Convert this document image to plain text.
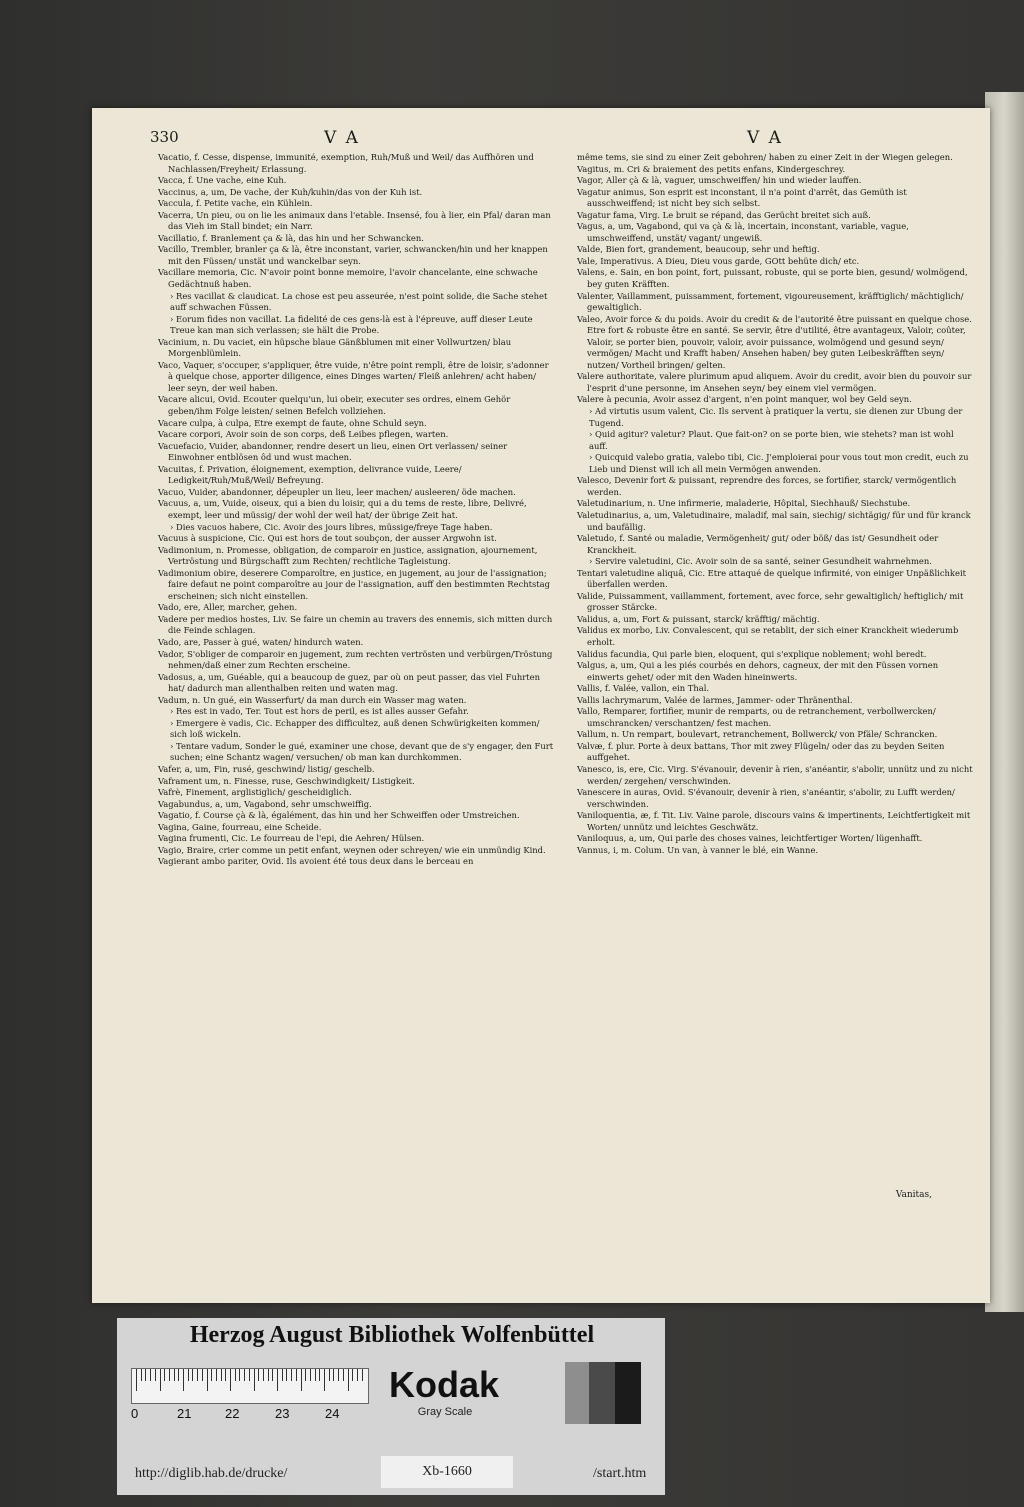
330	V A	V A

Vacatio, f. Cesse, dispense, immunité, exemption, Ruh/Muß und Weil/ das Auffhören und Nachlassen/Freyheit/ Erlassung.

Vacca, f. Une vache, eine Kuh.

Vaccinus, a, um, De vache, der Kuh/kuhin/das von der Kuh ist.

Vaccula, f. Petite vache, ein Kühlein.

Vacerra, Un pieu, ou on lie les animaux dans l'etable. Insensé, fou à lier, ein Pfal/ daran man das Vieh im Stall bindet; ein Narr.

Vacillatio, f. Branlement ça & là, das hin und her Schwancken.

Vacillo, Trembler, branler ça & là, être inconstant, varier, schwancken/hin und her knappen mit den Füssen/ unstät und wanckelbar seyn.

Vacillare memoria, Cic. N'avoir point bonne memoire, l'avoir chancelante, eine schwache Gedächtnuß haben.

› Res vacillat & claudicat. La chose est peu asseurée, n'est point solide, die Sache stehet auff schwachen Füssen.

› Eorum fides non vacillat. La fidelité de ces gens-là est à l'épreuve, auff dieser Leute Treue kan man sich verlassen; sie hält die Probe.

Vacinium, n. Du vaciet, ein hüpsche blaue Gänßblumen mit einer Vollwurtzen/ blau Morgenblümlein.

Vaco, Vaquer, s'occuper, s'appliquer, être vuide, n'être point rempli, être de loisir, s'adonner à quelque chose, apporter diligence, eines Dinges warten/ Fleiß anlehren/ acht haben/ leer seyn, der weil haben.

Vacare alicui, Ovid. Ecouter quelqu'un, lui obeir, executer ses ordres, einem Gehör geben/ihm Folge leisten/ seinen Befelch vollziehen.

Vacare culpa, à culpa, Etre exempt de faute, ohne Schuld seyn.

Vacare corpori, Avoir soin de son corps, deß Leibes pflegen, warten.

Vacuefacio, Vuider, abandonner, rendre desert un lieu, einen Ort verlassen/ seiner Einwohner entblösen ôd und wust machen.

Vacuitas, f. Privation, éloignement, exemption, delivrance vuide, Leere/ Ledigkeit/Ruh/Muß/Weil/ Befreyung.

Vacuo, Vuider, abandonner, dépeupler un lieu, leer machen/ ausleeren/ öde machen.

Vacuus, a, um, Vuide, oiseux, qui a bien du loisir, qui a du tems de reste, libre, Delivré, exempt, leer und müssig/ der wohl der weil hat/ der übrige Zeit hat.

› Dies vacuos habere, Cic. Avoir des jours libres, müssige/freye Tage haben.

Vacuus à suspicione, Cic. Qui est hors de tout soubçon, der ausser Argwohn ist.

Vadimonium, n. Promesse, obligation, de comparoir en justice, assignation, ajournement, Vertröstung und Bürgschafft zum Rechten/ rechtliche Tagleistung.

Vadimonium obire, deserere Comparoître, en justice, en jugement, au jour de l'assignation; faire defaut ne point comparoître au jour de l'assignation, auff den bestimmten Rechtstag erscheinen; sich nicht einstellen.

Vado, ere, Aller, marcher, gehen.

Vadere per medios hostes, Liv. Se faire un chemin au travers des ennemis, sich mitten durch die Feinde schlagen.

Vado, are, Passer à gué, waten/ hindurch waten.

Vador, S'obliger de comparoir en jugement, zum rechten vertrösten und verbürgen/Tröstung nehmen/daß einer zum Rechten erscheine.

Vadosus, a, um, Guéable, qui a beaucoup de guez, par où on peut passer, das viel Fuhrten hat/ dadurch man allenthalben reiten und waten mag.

Vadum, n. Un gué, ein Wasserfurt/ da man durch ein Wasser mag waten.

› Res est in vado, Ter. Tout est hors de peril, es ist alles ausser Gefahr.

› Emergere è vadis, Cic. Echapper des difficultez, auß denen Schwürigkeiten kommen/ sich loß wickeln.

› Tentare vadum, Sonder le gué, examiner une chose, devant que de s'y engager, den Furt suchen; eine Schantz wagen/ versuchen/ ob man kan durchkommen.

Vafer, a, um, Fin, rusé, geschwind/ listig/ geschelb.

Vaframent um, n. Finesse, ruse, Geschwindigkeit/ Listigkeit.

Vafrè, Finement, arglistiglich/ gescheidiglich.

Vagabundus, a, um, Vagabond, sehr umschweiffig.

Vagatio, f. Course çà & là, égalément, das hin und her Schweiffen oder Umstreichen.

Vagina, Gaine, fourreau, eine Scheide.

Vagina frumenti, Cic. Le fourreau de l'epi, die Aehren/ Hülsen.

Vagio, Braire, crier comme un petit enfant, weynen oder schreyen/ wie ein unmündig Kind.

Vagierant ambo pariter, Ovid. Ils avoient été tous deux dans le berceau en

même tems, sie sind zu einer Zeit gebohren/ haben zu einer Zeit in der Wiegen gelegen.

Vagitus, m. Cri & braiement des petits enfans, Kindergeschrey.

Vagor, Aller çà & là, vaguer, umschweiffen/ hin und wieder lauffen.

Vagatur animus, Son esprit est inconstant, il n'a point d'arrêt, das Gemüth ist ausschweiffend; ist nicht bey sich selbst.

Vagatur fama, Virg. Le bruit se répand, das Gerücht breitet sich auß.

Vagus, a, um, Vagabond, qui va çà & là, incertain, inconstant, variable, vague, umschweiffend, unstät/ vagant/ ungewiß.

Valde, Bien fort, grandement, beaucoup, sehr und heftig.

Vale, Imperativus. A Dieu, Dieu vous garde, GOtt behüte dich/ etc.

Valens, e. Sain, en bon point, fort, puissant, robuste, qui se porte bien, gesund/ wolmögend, bey guten Kräfften.

Valenter, Vaillamment, puissamment, fortement, vigoureusement, kräfftiglich/ mächtiglich/ gewaltiglich.

Valeo, Avoir force & du poids. Avoir du credit & de l'autorité être puissant en quelque chose. Etre fort & robuste être en santé. Se servir, être d'utilité, être avantageux, Valoir, coûter, Valoir, se porter bien, pouvoir, valoir, avoir puissance, wolmögend und gesund seyn/ vermögen/ Macht und Krafft haben/ Ansehen haben/ bey guten Leibeskräfften seyn/ nutzen/ Vortheil bringen/ gelten.

Valere authoritate, valere plurimum apud aliquem. Avoir du credit, avoir bien du pouvoir sur l'esprit d'une personne, im Ansehen seyn/ bey einem viel vermögen.

Valere à pecunia, Avoir assez d'argent, n'en point manquer, wol bey Geld seyn.

› Ad virtutis usum valent, Cic. Ils servent à pratiquer la vertu, sie dienen zur Ubung der Tugend.

› Quid agitur? valetur? Plaut. Que fait-on? on se porte bien, wie stehets? man ist wohl auff.

› Quicquid valebo gratia, valebo tibi, Cic. J'emploierai pour vous tout mon credit, euch zu Lieb und Dienst will ich all mein Vermögen anwenden.

Valesco, Devenir fort & puissant, reprendre des forces, se fortifier, starck/ vermögentlich werden.

Valetudinarium, n. Une infirmerie, maladerie, Hôpital, Siechhauß/ Siechstube.

Valetudinarius, a, um, Valetudinaire, maladif, mal sain, siechig/ sichtägig/ für und für kranck und baufällig.

Valetudo, f. Santé ou maladie, Vermögenheit/ gut/ oder böß/ das ist/ Gesundheit oder Kranckheit.

› Servire valetudini, Cic. Avoir soin de sa santé, seiner Gesundheit wahrnehmen.

Tentari valetudine aliquâ, Cic. Etre attaqué de quelque infirmité, von einiger Unpäßlichkeit überfallen werden.

Valide, Puissamment, vaillamment, fortement, avec force, sehr gewaltiglich/ heftiglich/ mit grosser Stärcke.

Validus, a, um, Fort & puissant, starck/ kräfftig/ mächtig.

Validus ex morbo, Liv. Convalescent, qui se retablit, der sich einer Kranckheit wiederumb erholt.

Validus facundia, Qui parle bien, eloquent, qui s'explique noblement; wohl beredt.

Valgus, a, um, Qui a les piés courbés en dehors, cagneux, der mit den Füssen vornen einwerts gehet/ oder mit den Waden hineinwerts.

Vallis, f. Valée, vallon, ein Thal.

Vallis lachrymarum, Valée de larmes, Jammer- oder Thränenthal.

Vallo, Remparer, fortifier, munir de remparts, ou de retranchement, verbollwercken/ umschrancken/ verschantzen/ fest machen.

Vallum, n. Un rempart, boulevart, retranchement, Bollwerck/ von Pfäle/ Schrancken.

Valvæ, f. plur. Porte à deux battans, Thor mit zwey Flügeln/ oder das zu beyden Seiten auffgehet.

Vanesco, is, ere, Cic. Virg. S'évanouir, devenir à rien, s'anéantir, s'abolir, unnütz und zu nicht werden/ zergehen/ verschwinden.

Vanescere in auras, Ovid. S'évanouir, devenir à rien, s'anéantir, s'abolir, zu Lufft werden/ verschwinden.

Vaniloquentia, æ, f. Tit. Liv. Vaine parole, discours vains & impertinents, Leichtfertigkeit mit Worten/ unnütz und leichtes Geschwätz.

Vaniloquus, a, um, Qui parle des choses vaines, leichtfertiger Worten/ lügenhafft.

Vannus, i, m. Colum. Un van, à vanner le blé, ein Wanne.

Vanitas,
Herzog August Bibliothek Wolfenbüttel
0	21	22	23	24
Kodak
Gray Scale
http://diglib.hab.de/drucke/	Xb-1660	/start.htm
